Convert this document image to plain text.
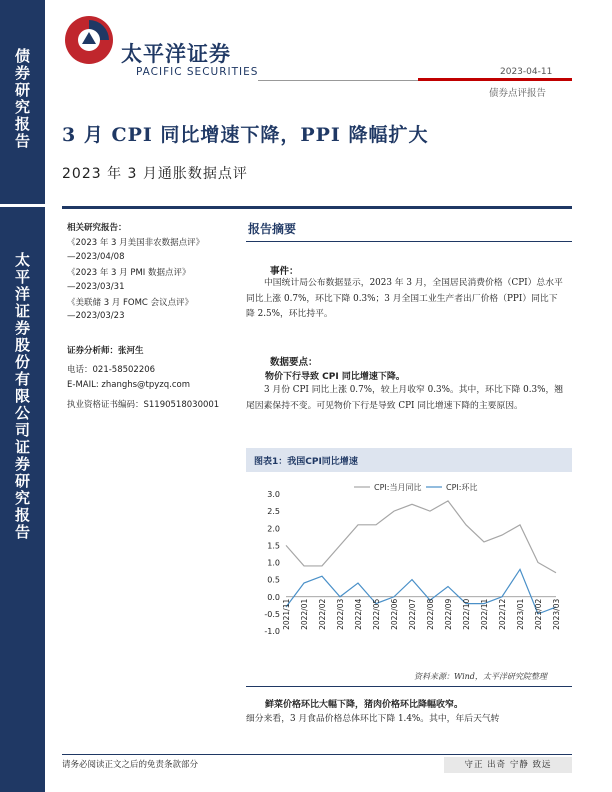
债券研究报告
太平洋证券股份有限公司证券研究报告
太平洋证券
PACIFIC SECURITIES	2023-04-11
债券点评报告
3 月 CPI 同比增速下降，PPI 降幅扩大
2023 年 3 月通胀数据点评
相关研究报告：
《2023 年 3 月美国非农数据点评》
—2023/04/08
《2023 年 3 月 PMI 数据点评》
—2023/03/31
《美联储 3 月 FOMC 会议点评》
—2023/03/23
证券分析师：张河生
电话：021-58502206
E-MAIL: zhanghs@tpyzq.com
执业资格证书编码：S1190518030001
报告摘要
事件：
中国统计局公布数据显示，2023 年 3 月，全国居民消费价格（CPI）总水平同比上涨 0.7%，环比下降 0.3%；3 月全国工业生产者出厂价格（PPI）同比下降 2.5%，环比持平。
数据要点：
物价下行导致 CPI 同比增速下降。
3 月份 CPI 同比上涨 0.7%，较上月收窄 0.3%。其中，环比下降 0.3%，翘尾因素保持不变。可见物价下行是导致 CPI 同比增速下降的主要原因。
图表1：我国CPI同比增速
-1.0
-0.5
0.0
0.5
1.0
1.5
2.0
2.5
3.0
CPI:当月同比	CPI:环比
2021/11 2022/01 2022/02 2022/03 2022/04 2022/05 2022/06 2022/07 2022/08 2022/09 2022/10 2022/11 2022/12 2023/01 2023/02 2023/03
资料来源：Wind，太平洋研究院整理
鲜菜价格环比大幅下降，猪肉价格环比降幅收窄。
细分来看，3 月食品价格总体环比下降 1.4%。其中，年后天气转
请务必阅读正文之后的免责条款部分	守正 出奇 宁静 致远
